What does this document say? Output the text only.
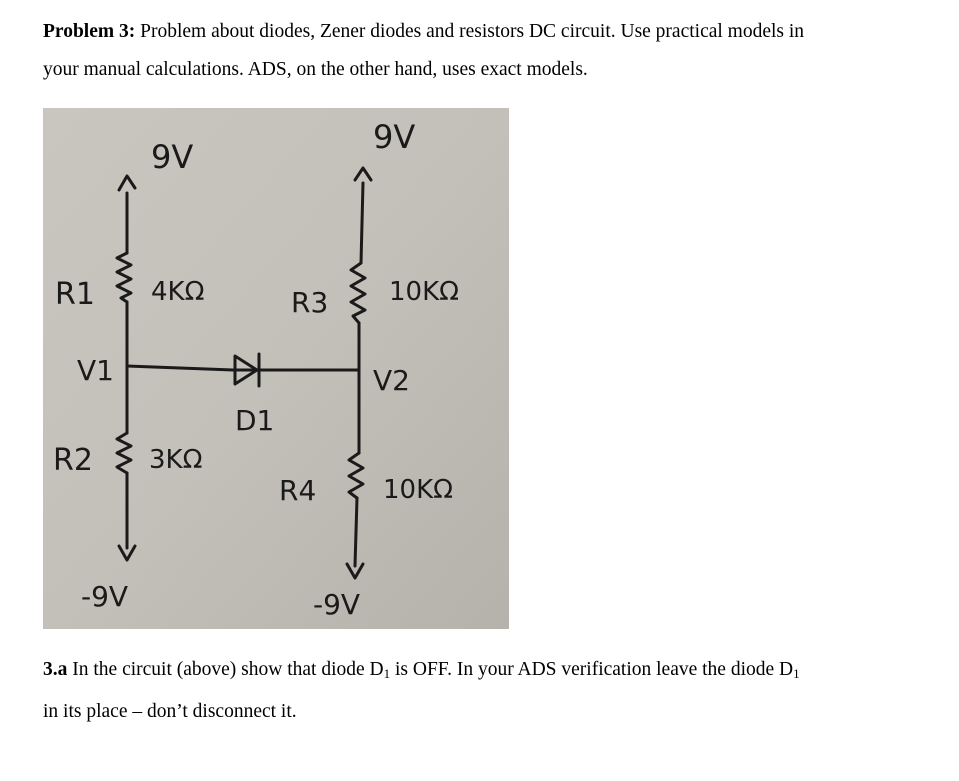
Problem 3: Problem about diodes, Zener diodes and resistors DC circuit. Use practical models in
your manual calculations. ADS, on the other hand, uses exact models.

9V
9V
R1 4KΩ	R3 10KΩ
V1	V2
D1
R2 3KΩ
R4	10KΩ
-9V	-9V

3.a In the circuit (above) show that diode $D_1$ is OFF. In your ADS verification leave the diode $D_1$
in its place – don’t disconnect it.
